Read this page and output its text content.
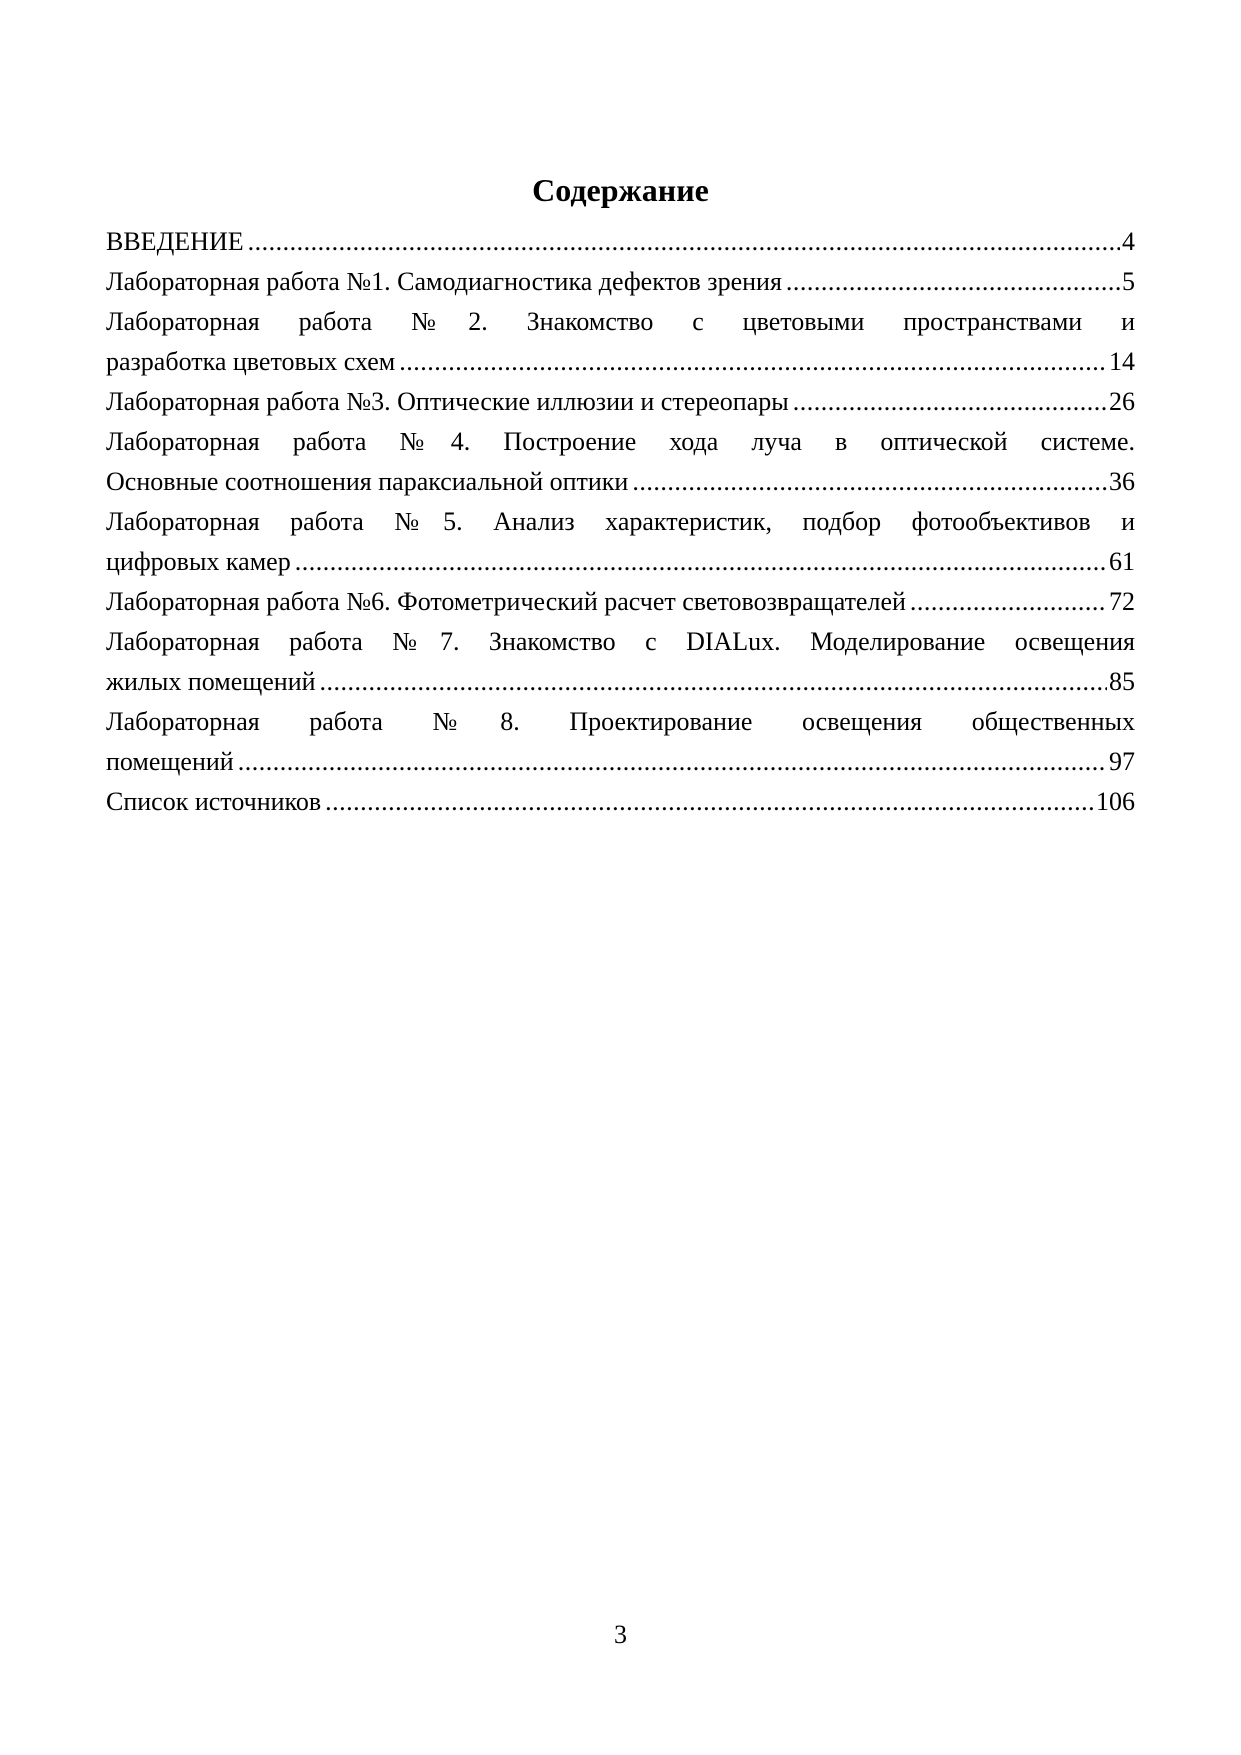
Содержание
ВВЕДЕНИЕ .....	4
Лабораторная работа №1. Самодиагностика дефектов зрения .....	5
Лабораторная работа №2. Знакомство с цветовыми пространствами и
разработка цветовых схем .....	14
Лабораторная работа №3. Оптические иллюзии и стереопары .....	26
Лабораторная работа №4. Построение хода луча в оптической системе.
Основные соотношения параксиальной оптики .....	36
Лабораторная работа №5. Анализ характеристик, подбор фотообъективов и
цифровых камер .....	61
Лабораторная работа №6. Фотометрический расчет световозвращателей .....	72
Лабораторная работа №7. Знакомство с DIALux. Моделирование освещения
жилых помещений .....	85
Лабораторная работа №8. Проектирование освещения общественных
помещений .....	97
Список источников .....	106
3
